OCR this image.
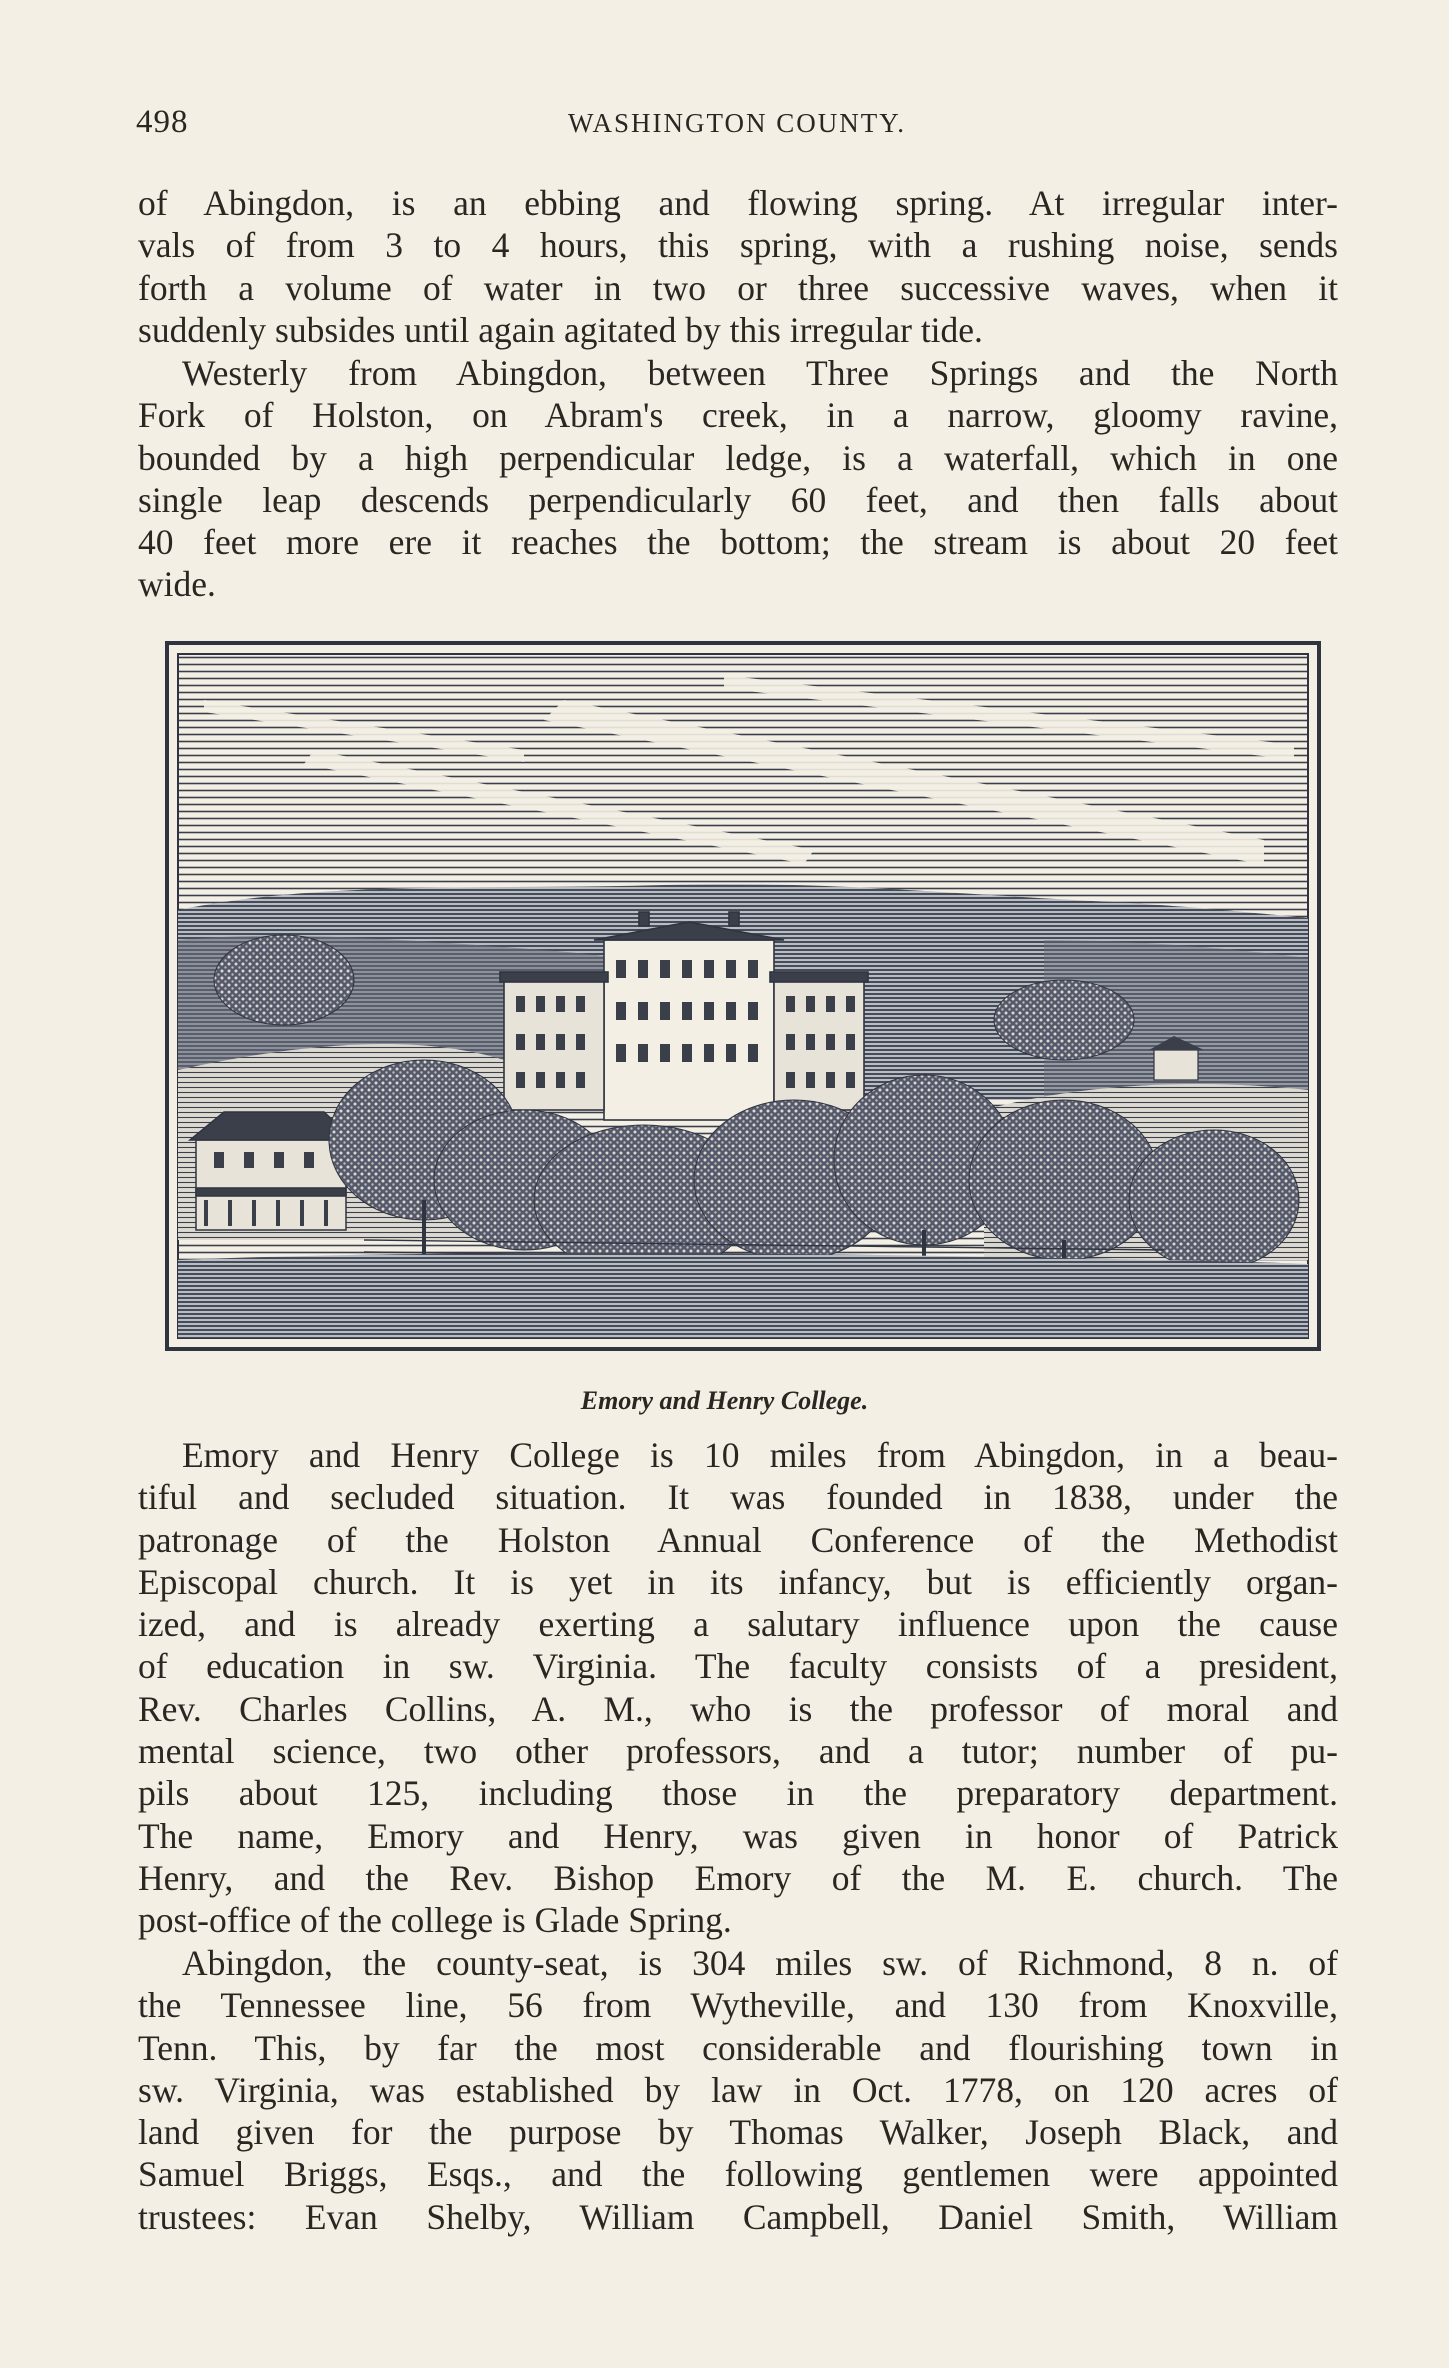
498	WASHINGTON COUNTY.

of Abingdon, is an ebbing and flowing spring. At irregular inter-
vals of from 3 to 4 hours, this spring, with a rushing noise, sends
forth a volume of water in two or three successive waves, when it
suddenly subsides until again agitated by this irregular tide.

Westerly from Abingdon, between Three Springs and the North
Fork of Holston, on Abram's creek, in a narrow, gloomy ravine,
bounded by a high perpendicular ledge, is a waterfall, which in one
single leap descends perpendicularly 60 feet, and then falls about
40 feet more ere it reaches the bottom; the stream is about 20 feet
wide.

Emory and Henry College.

Emory and Henry College is 10 miles from Abingdon, in a beau-
tiful and secluded situation. It was founded in 1838, under the
patronage of the Holston Annual Conference of the Methodist
Episcopal church. It is yet in its infancy, but is efficiently organ-
ized, and is already exerting a salutary influence upon the cause
of education in sw. Virginia. The faculty consists of a president,
Rev. Charles Collins, A. M., who is the professor of moral and
mental science, two other professors, and a tutor; number of pu-
pils about 125, including those in the preparatory department.
The name, Emory and Henry, was given in honor of Patrick
Henry, and the Rev. Bishop Emory of the M. E. church. The
post-office of the college is Glade Spring.

Abingdon, the county-seat, is 304 miles sw. of Richmond, 8 n. of
the Tennessee line, 56 from Wytheville, and 130 from Knoxville,
Tenn. This, by far the most considerable and flourishing town in
sw. Virginia, was established by law in Oct. 1778, on 120 acres of
land given for the purpose by Thomas Walker, Joseph Black, and
Samuel Briggs, Esqs., and the following gentlemen were appointed
trustees: Evan Shelby, William Campbell, Daniel Smith, William
